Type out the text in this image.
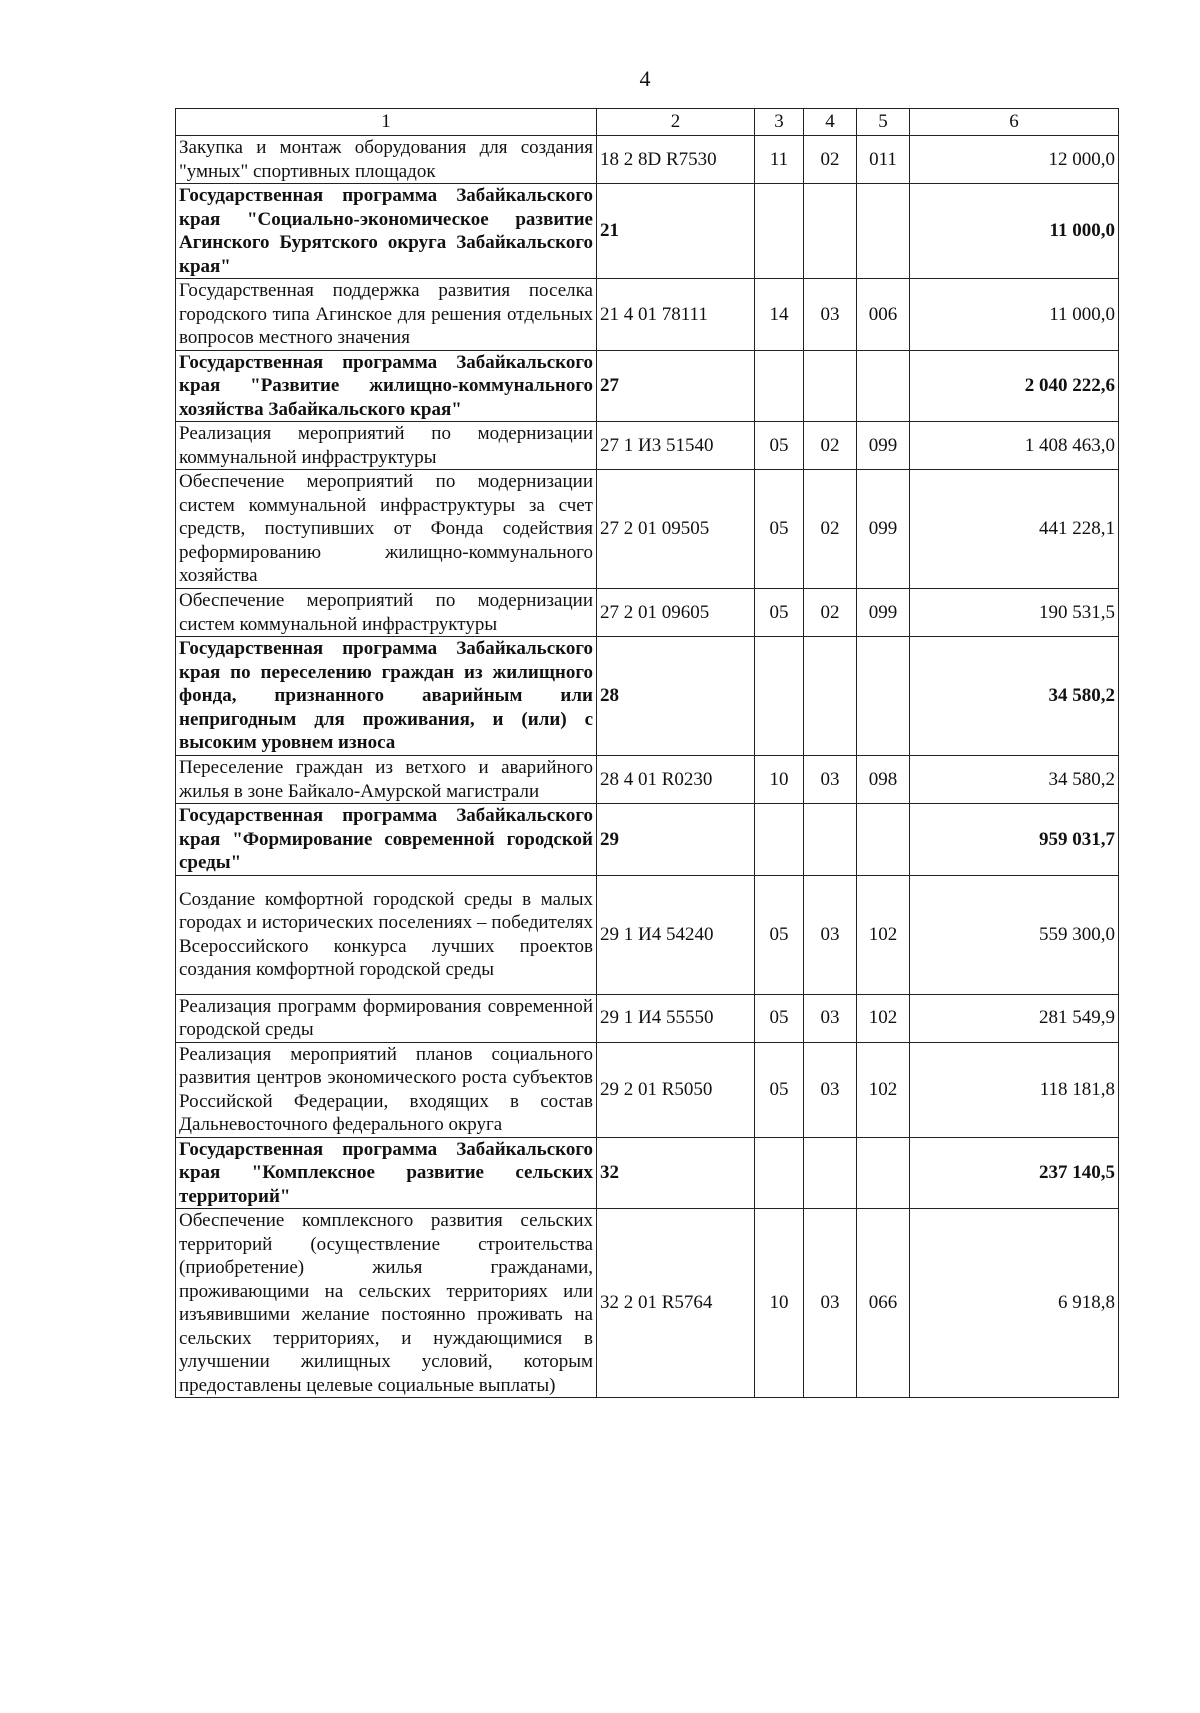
4
1	2	3	4	5	6
Закупка и монтаж оборудования для создания "умных" спортивных площадок	18 2 8D R7530	11	02	011	12 000,0
Государственная программа Забайкальского края "Социально-экономическое развитие Агинского Бурятского округа Забайкальского края"	21				11 000,0
Государственная поддержка развития поселка городского типа Агинское для решения отдельных вопросов местного значения	21 4 01 78111	14	03	006	11 000,0
Государственная программа Забайкальского края "Развитие жилищно-коммунального хозяйства Забайкальского края"	27				2 040 222,6
Реализация мероприятий по модернизации коммунальной инфраструктуры	27 1 И3 51540	05	02	099	1 408 463,0
Обеспечение мероприятий по модернизации систем коммунальной инфраструктуры за счет средств, поступивших от Фонда содействия реформированию жилищно-коммунального хозяйства	27 2 01 09505	05	02	099	441 228,1
Обеспечение мероприятий по модернизации систем коммунальной инфраструктуры	27 2 01 09605	05	02	099	190 531,5
Государственная программа Забайкальского края по переселению граждан из жилищного фонда, признанного аварийным или непригодным для проживания, и (или) с высоким уровнем износа	28				34 580,2
Переселение граждан из ветхого и аварийного жилья в зоне Байкало-Амурской магистрали	28 4 01 R0230	10	03	098	34 580,2
Государственная программа Забайкальского края "Формирование современной городской среды"	29				959 031,7
Создание комфортной городской среды в малых городах и исторических поселениях – победителях Всероссийского конкурса лучших проектов создания комфортной городской среды	29 1 И4 54240	05	03	102	559 300,0
Реализация программ формирования современной городской среды	29 1 И4 55550	05	03	102	281 549,9
Реализация мероприятий планов социального развития центров экономического роста субъектов Российской Федерации, входящих в состав Дальневосточного федерального округа	29 2 01 R5050	05	03	102	118 181,8
Государственная программа Забайкальского края "Комплексное развитие сельских территорий"	32				237 140,5
Обеспечение комплексного развития сельских территорий (осуществление строительства (приобретение) жилья гражданами, проживающими на сельских территориях или изъявившими желание постоянно проживать на сельских территориях, и нуждающимися в улучшении жилищных условий, которым предоставлены целевые социальные выплаты)	32 2 01 R5764	10	03	066	6 918,8
